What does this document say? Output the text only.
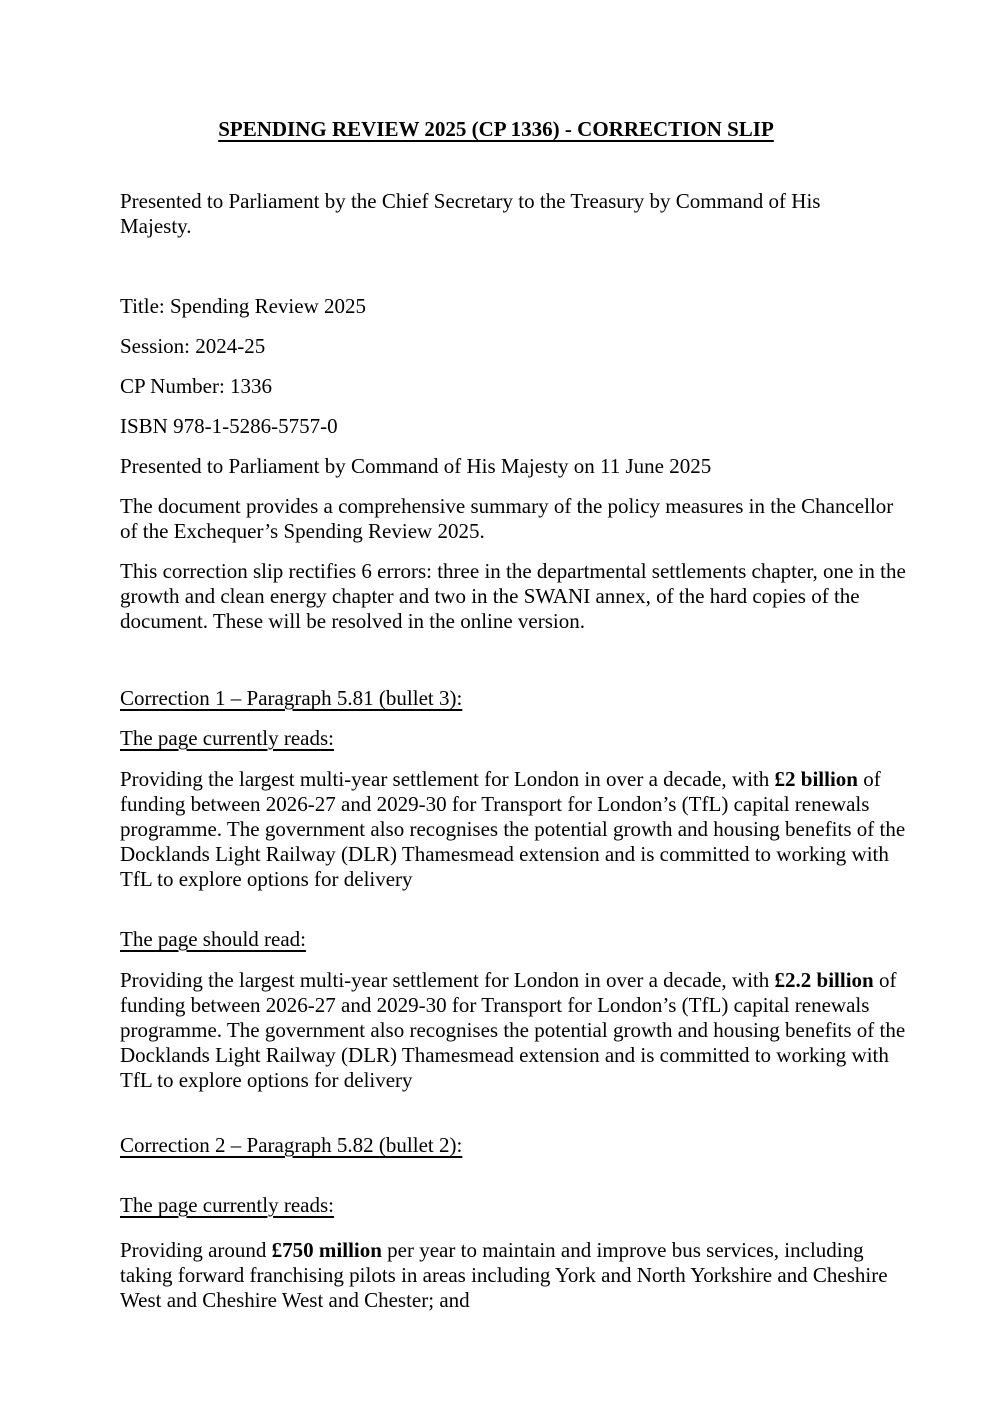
SPENDING REVIEW 2025 (CP 1336) - CORRECTION SLIP

Presented to Parliament by the Chief Secretary to the Treasury by Command of His Majesty.

Title: Spending Review 2025

Session: 2024-25

CP Number: 1336

ISBN 978-1-5286-5757-0

Presented to Parliament by Command of His Majesty on 11 June 2025

The document provides a comprehensive summary of the policy measures in the Chancellor
of the Exchequer’s Spending Review 2025.
This correction slip rectifies 6 errors: three in the departmental settlements chapter, one in the
growth and clean energy chapter and two in the SWANI annex, of the hard copies of the
document. These will be resolved in the online version.

Correction 1 – Paragraph 5.81 (bullet 3):

The page currently reads:

Providing the largest multi-year settlement for London in over a decade, with £2 billion of
funding between 2026-27 and 2029-30 for Transport for London’s (TfL) capital renewals
programme. The government also recognises the potential growth and housing benefits of the
Docklands Light Railway (DLR) Thamesmead extension and is committed to working with
TfL to explore options for delivery

The page should read:

Providing the largest multi-year settlement for London in over a decade, with £2.2 billion of
funding between 2026-27 and 2029-30 for Transport for London’s (TfL) capital renewals
programme. The government also recognises the potential growth and housing benefits of the
Docklands Light Railway (DLR) Thamesmead extension and is committed to working with
TfL to explore options for delivery

Correction 2 – Paragraph 5.82 (bullet 2):

The page currently reads:

Providing around £750 million per year to maintain and improve bus services, including
taking forward franchising pilots in areas including York and North Yorkshire and Cheshire
West and Cheshire West and Chester; and
